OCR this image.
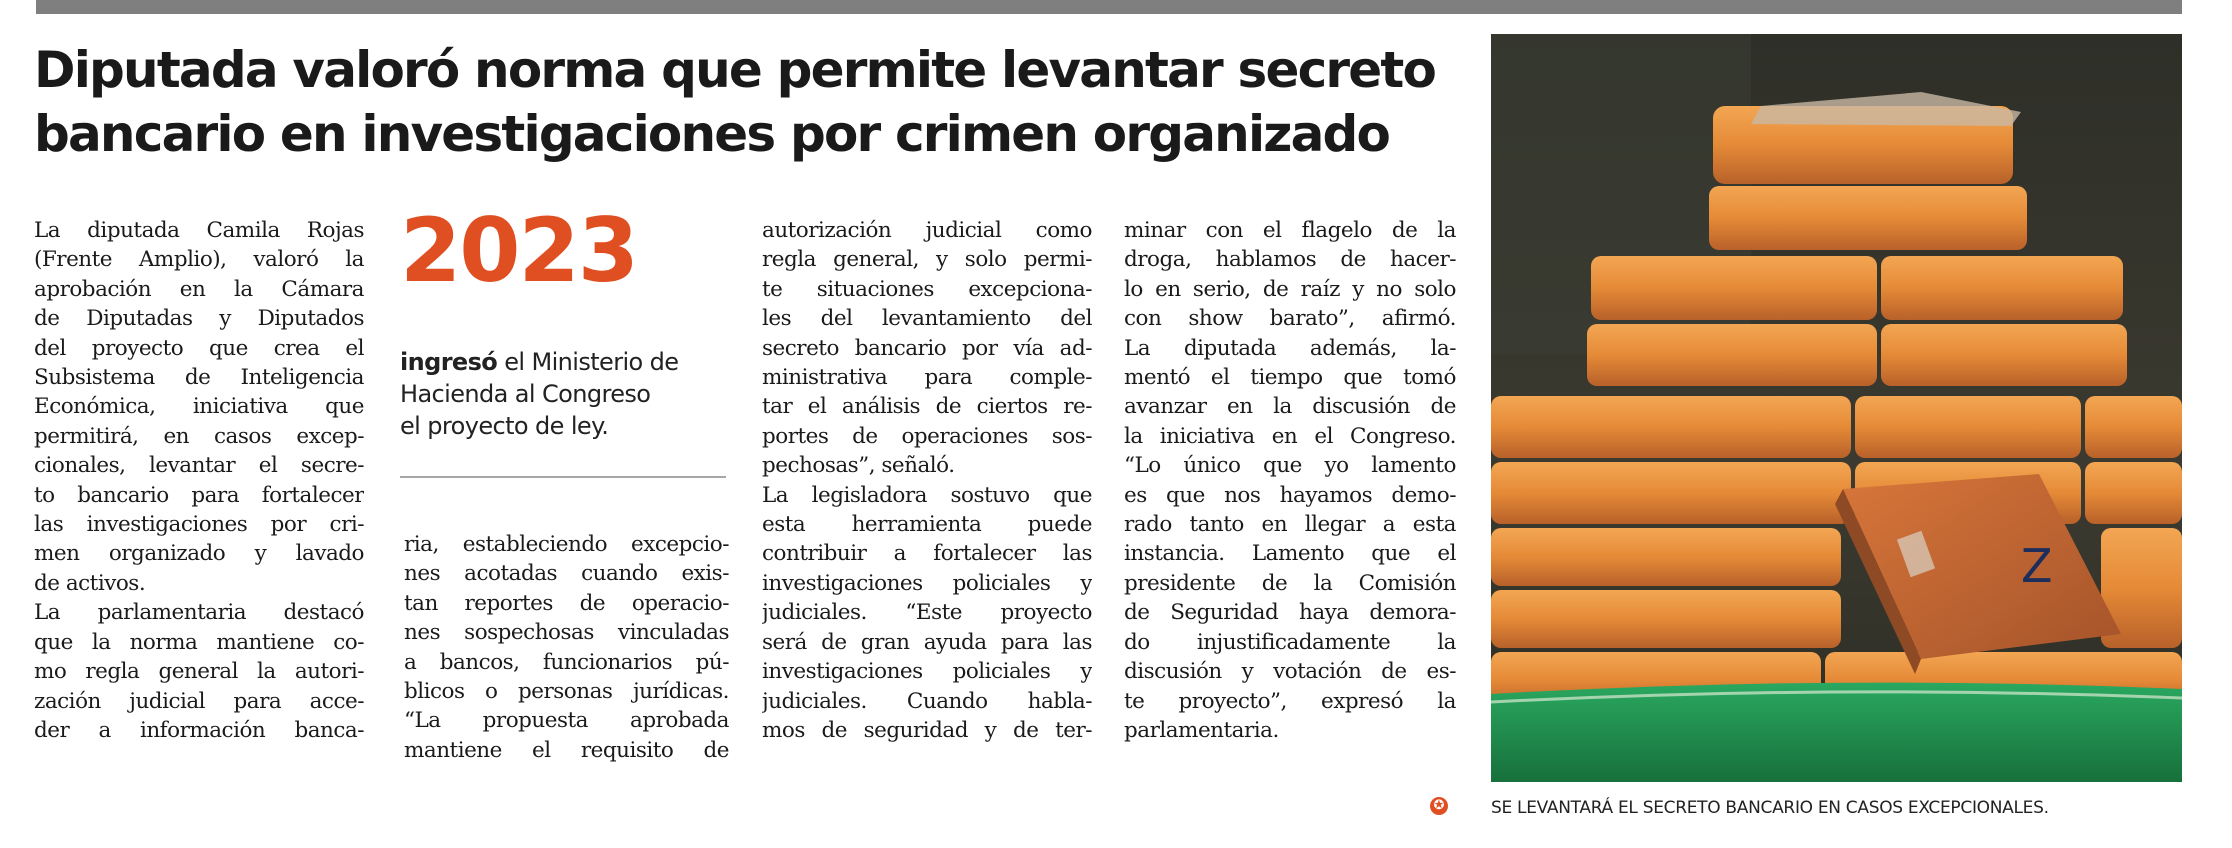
Diputada valoró norma que permite levantar secreto
bancario en investigaciones por crimen organizado
La diputada Camila Rojas
(Frente Amplio), valoró la
aprobación en la Cámara
de Diputadas y Diputados
del proyecto que crea el
Subsistema de Inteligencia
Económica, iniciativa que
permitirá, en casos excep-
cionales, levantar el secre-
to bancario para fortalecer
las investigaciones por cri-
men organizado y lavado
de activos.
La parlamentaria destacó
que la norma mantiene co-
mo regla general la autori-
zación judicial para acce-
der a información banca-
2023
ingresó el Ministerio de
Hacienda al Congreso
el proyecto de ley.
ria, estableciendo excepcio-
nes acotadas cuando exis-
tan reportes de operacio-
nes sospechosas vinculadas
a bancos, funcionarios pú-
blicos o personas jurídicas.
“La propuesta aprobada
mantiene el requisito de
autorización judicial como
regla general, y solo permi-
te situaciones excepciona-
les del levantamiento del
secreto bancario por vía ad-
ministrativa para comple-
tar el análisis de ciertos re-
portes de operaciones sos-
pechosas”, señaló.
La legisladora sostuvo que
esta herramienta puede
contribuir a fortalecer las
investigaciones policiales y
judiciales. “Este proyecto
será de gran ayuda para las
investigaciones policiales y
judiciales. Cuando habla-
mos de seguridad y de ter-
minar con el flagelo de la
droga, hablamos de hacer-
lo en serio, de raíz y no solo
con show barato”, afirmó.
La diputada además, la-
mentó el tiempo que tomó
avanzar en la discusión de
la iniciativa en el Congreso.
“Lo único que yo lamento
es que nos hayamos demo-
rado tanto en llegar a esta
instancia. Lamento que el
presidente de la Comisión
de Seguridad haya demora-
do injustificadamente la
discusión y votación de es-
te proyecto”, expresó la
parlamentaria.
✪
Z

SE LEVANTARÁ EL SECRETO BANCARIO EN CASOS EXCEPCIONALES.
